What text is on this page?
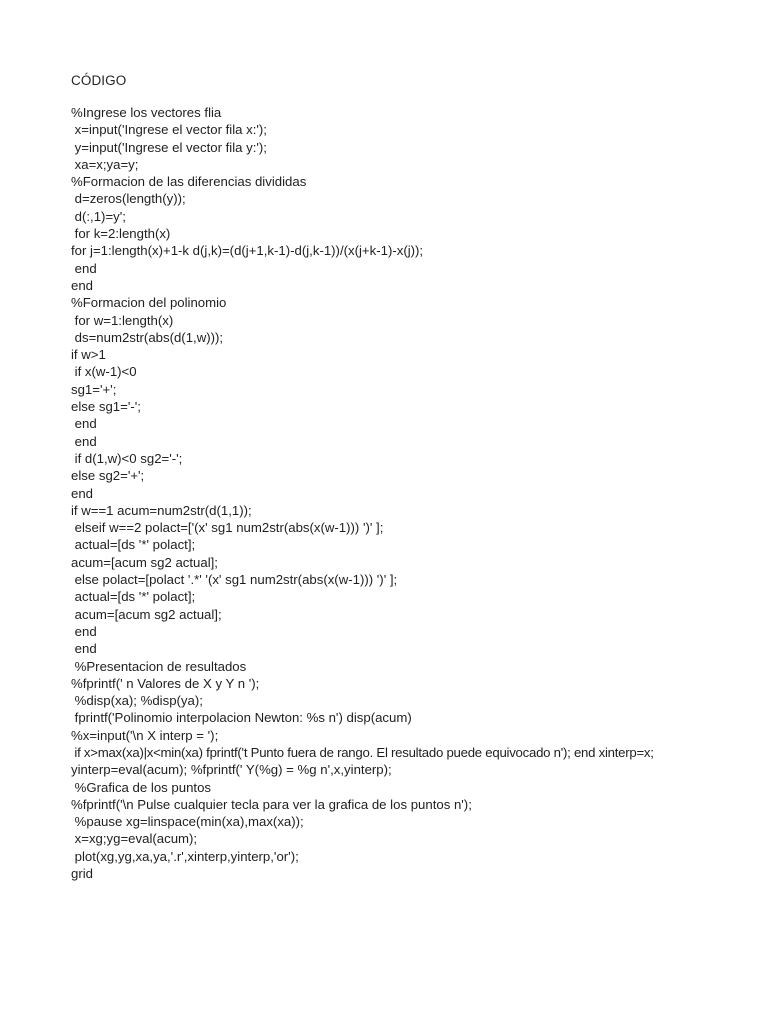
CÓDIGO
%Ingrese los vectores flia
x=input('Ingrese el vector fila x:');
y=input('Ingrese el vector fila y:');
xa=x;ya=y;
%Formacion de las diferencias divididas
d=zeros(length(y));
d(:,1)=y';
for k=2:length(x)
for j=1:length(x)+1-k d(j,k)=(d(j+1,k-1)-d(j,k-1))/(x(j+k-1)-x(j));
end
end
%Formacion del polinomio
for w=1:length(x)
ds=num2str(abs(d(1,w)));
if w>1
if x(w-1)<0
sg1='+';
else sg1='-';
end
end
if d(1,w)<0 sg2='-';
else sg2='+';
end
if w==1 acum=num2str(d(1,1));
elseif w==2 polact=['(x' sg1 num2str(abs(x(w-1))) ')' ];
actual=[ds '*' polact];
acum=[acum sg2 actual];
else polact=[polact '.*' '(x' sg1 num2str(abs(x(w-1))) ')' ];
actual=[ds '*' polact];
acum=[acum sg2 actual];
end
end
%Presentacion de resultados
%fprintf(' n Valores de X y Y n ');
%disp(xa); %disp(ya);
fprintf('Polinomio interpolacion Newton: %s n') disp(acum)
%x=input('\n X interp = ');
if x>max(xa)|x<min(xa) fprintf('t Punto fuera de rango. El resultado puede equivocado n'); end xinterp=x;
yinterp=eval(acum); %fprintf(' Y(%g) = %g n',x,yinterp);
%Grafica de los puntos
%fprintf('\n Pulse cualquier tecla para ver la grafica de los puntos n');
%pause xg=linspace(min(xa),max(xa));
x=xg;yg=eval(acum);
plot(xg,yg,xa,ya,'.r',xinterp,yinterp,'or');
grid
